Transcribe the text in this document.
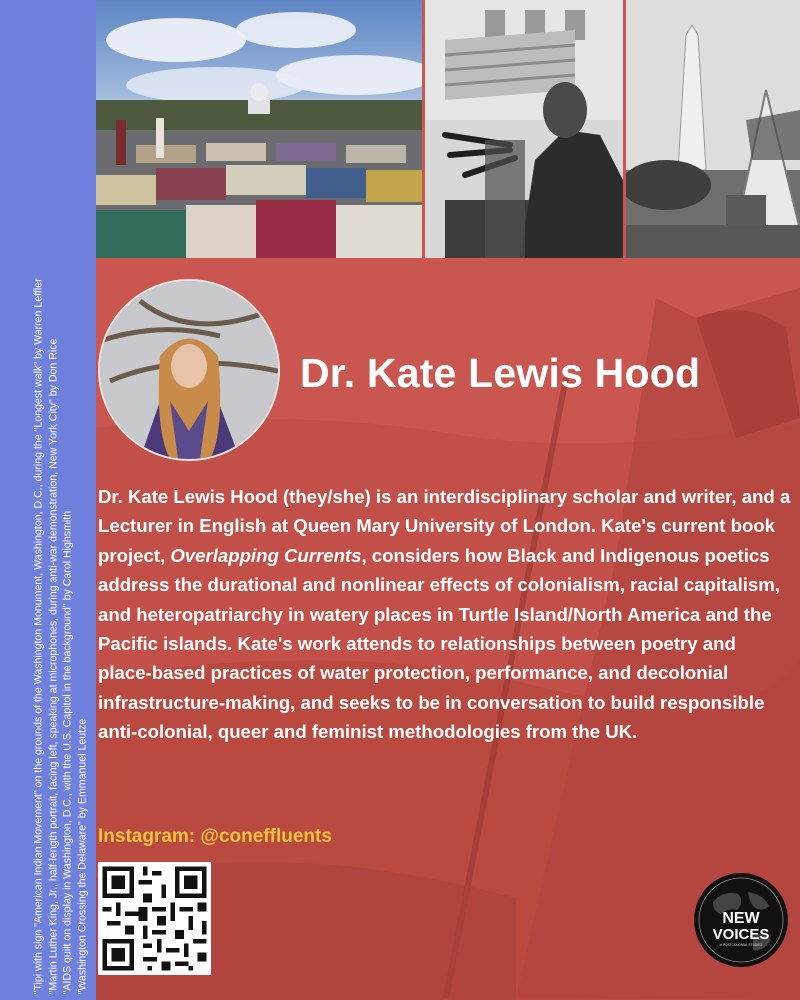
"Tipi with sign "American Indian Movement" on the grounds of the Washington Monument, Washington, D.C., during the "Longest walk" by Warren Leffler "Martin Luther King, Jr., half-length portrait, facing left, speaking at microphones, during anti-war demonstration, New York City" by Don Rice "AIDS quilt on display in Washington, D.C., with the U.S. Capitol in the background" by Carol Highsmith "Washington Crossing the Delaware" by Emmanuel Leutze
Dr. Kate Lewis Hood
Dr. Kate Lewis Hood (they/she) is an interdisciplinary scholar and writer, and a Lecturer in English at Queen Mary University of London. Kate's current book project, Overlapping Currents, considers how Black and Indigenous poetics address the durational and nonlinear effects of colonialism, racial capitalism, and heteropatriarchy in watery places in Turtle Island/North America and the Pacific islands. Kate's work attends to relationships between poetry and place-based practices of water protection, performance, and decolonial infrastructure-making, and seeks to be in conversation to build responsible anti-colonial, queer and feminist methodologies from the UK.
Instagram: @coneffluents
NEW
VOICES
in POSTCOLONIAL STUDIES
